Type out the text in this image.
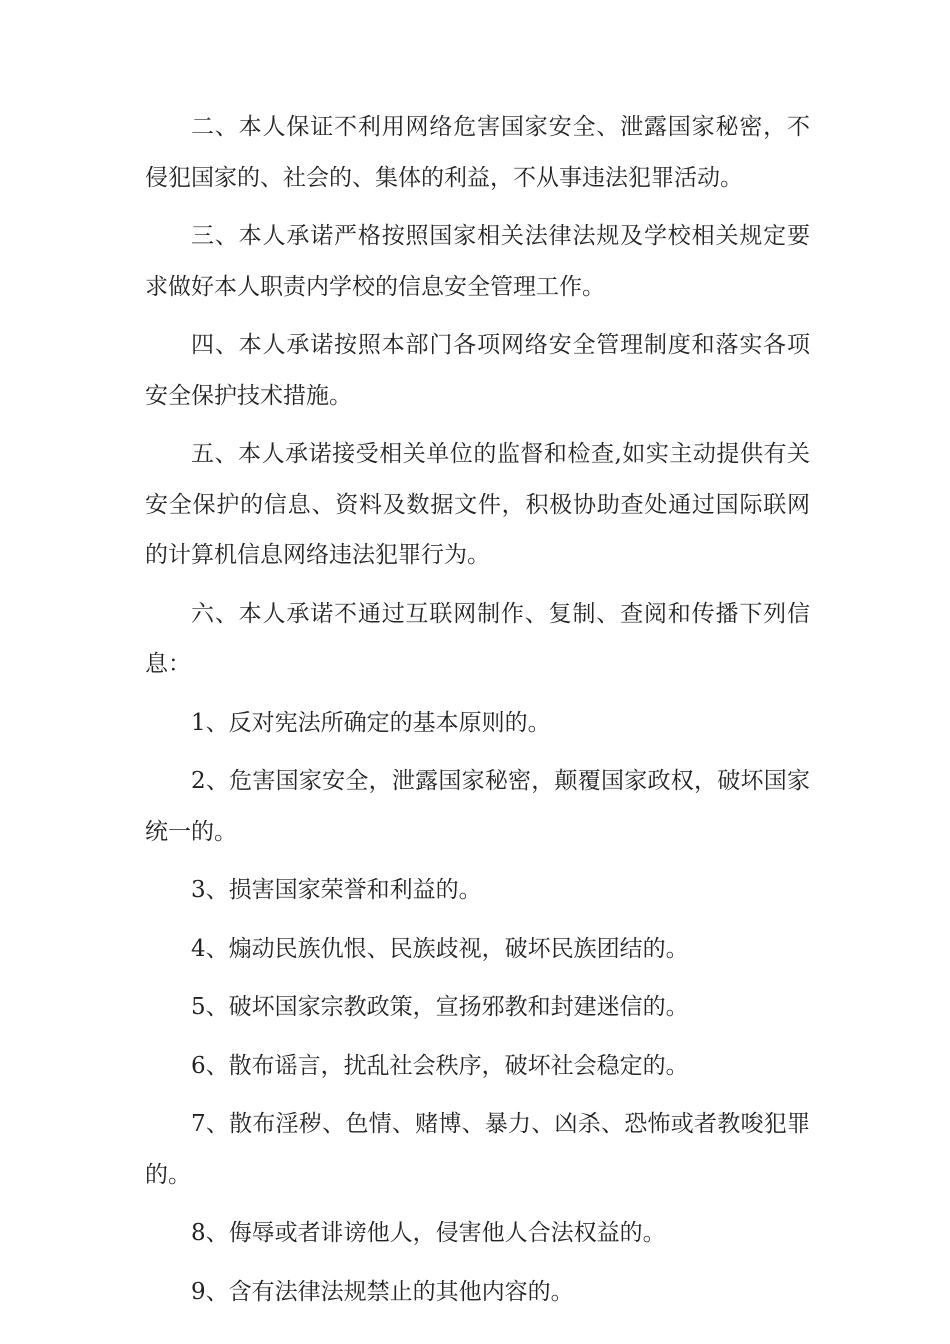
二、本人保证不利用网络危害国家安全、泄露国家秘密，不侵犯国家的、社会的、集体的利益，不从事违法犯罪活动。

三、本人承诺严格按照国家相关法律法规及学校相关规定要求做好本人职责内学校的信息安全管理工作。

四、本人承诺按照本部门各项网络安全管理制度和落实各项安全保护技术措施。

五、本人承诺接受相关单位的监督和检查,如实主动提供有关安全保护的信息、资料及数据文件，积极协助查处通过国际联网的计算机信息网络违法犯罪行为。

六、本人承诺不通过互联网制作、复制、查阅和传播下列信息：

1、反对宪法所确定的基本原则的。

2、危害国家安全，泄露国家秘密，颠覆国家政权，破坏国家统一的。

3、损害国家荣誉和利益的。

4、煽动民族仇恨、民族歧视，破坏民族团结的。

5、破坏国家宗教政策，宣扬邪教和封建迷信的。

6、散布谣言，扰乱社会秩序，破坏社会稳定的。

7、散布淫秽、色情、赌博、暴力、凶杀、恐怖或者教唆犯罪的。

8、侮辱或者诽谤他人，侵害他人合法权益的。

9、含有法律法规禁止的其他内容的。
